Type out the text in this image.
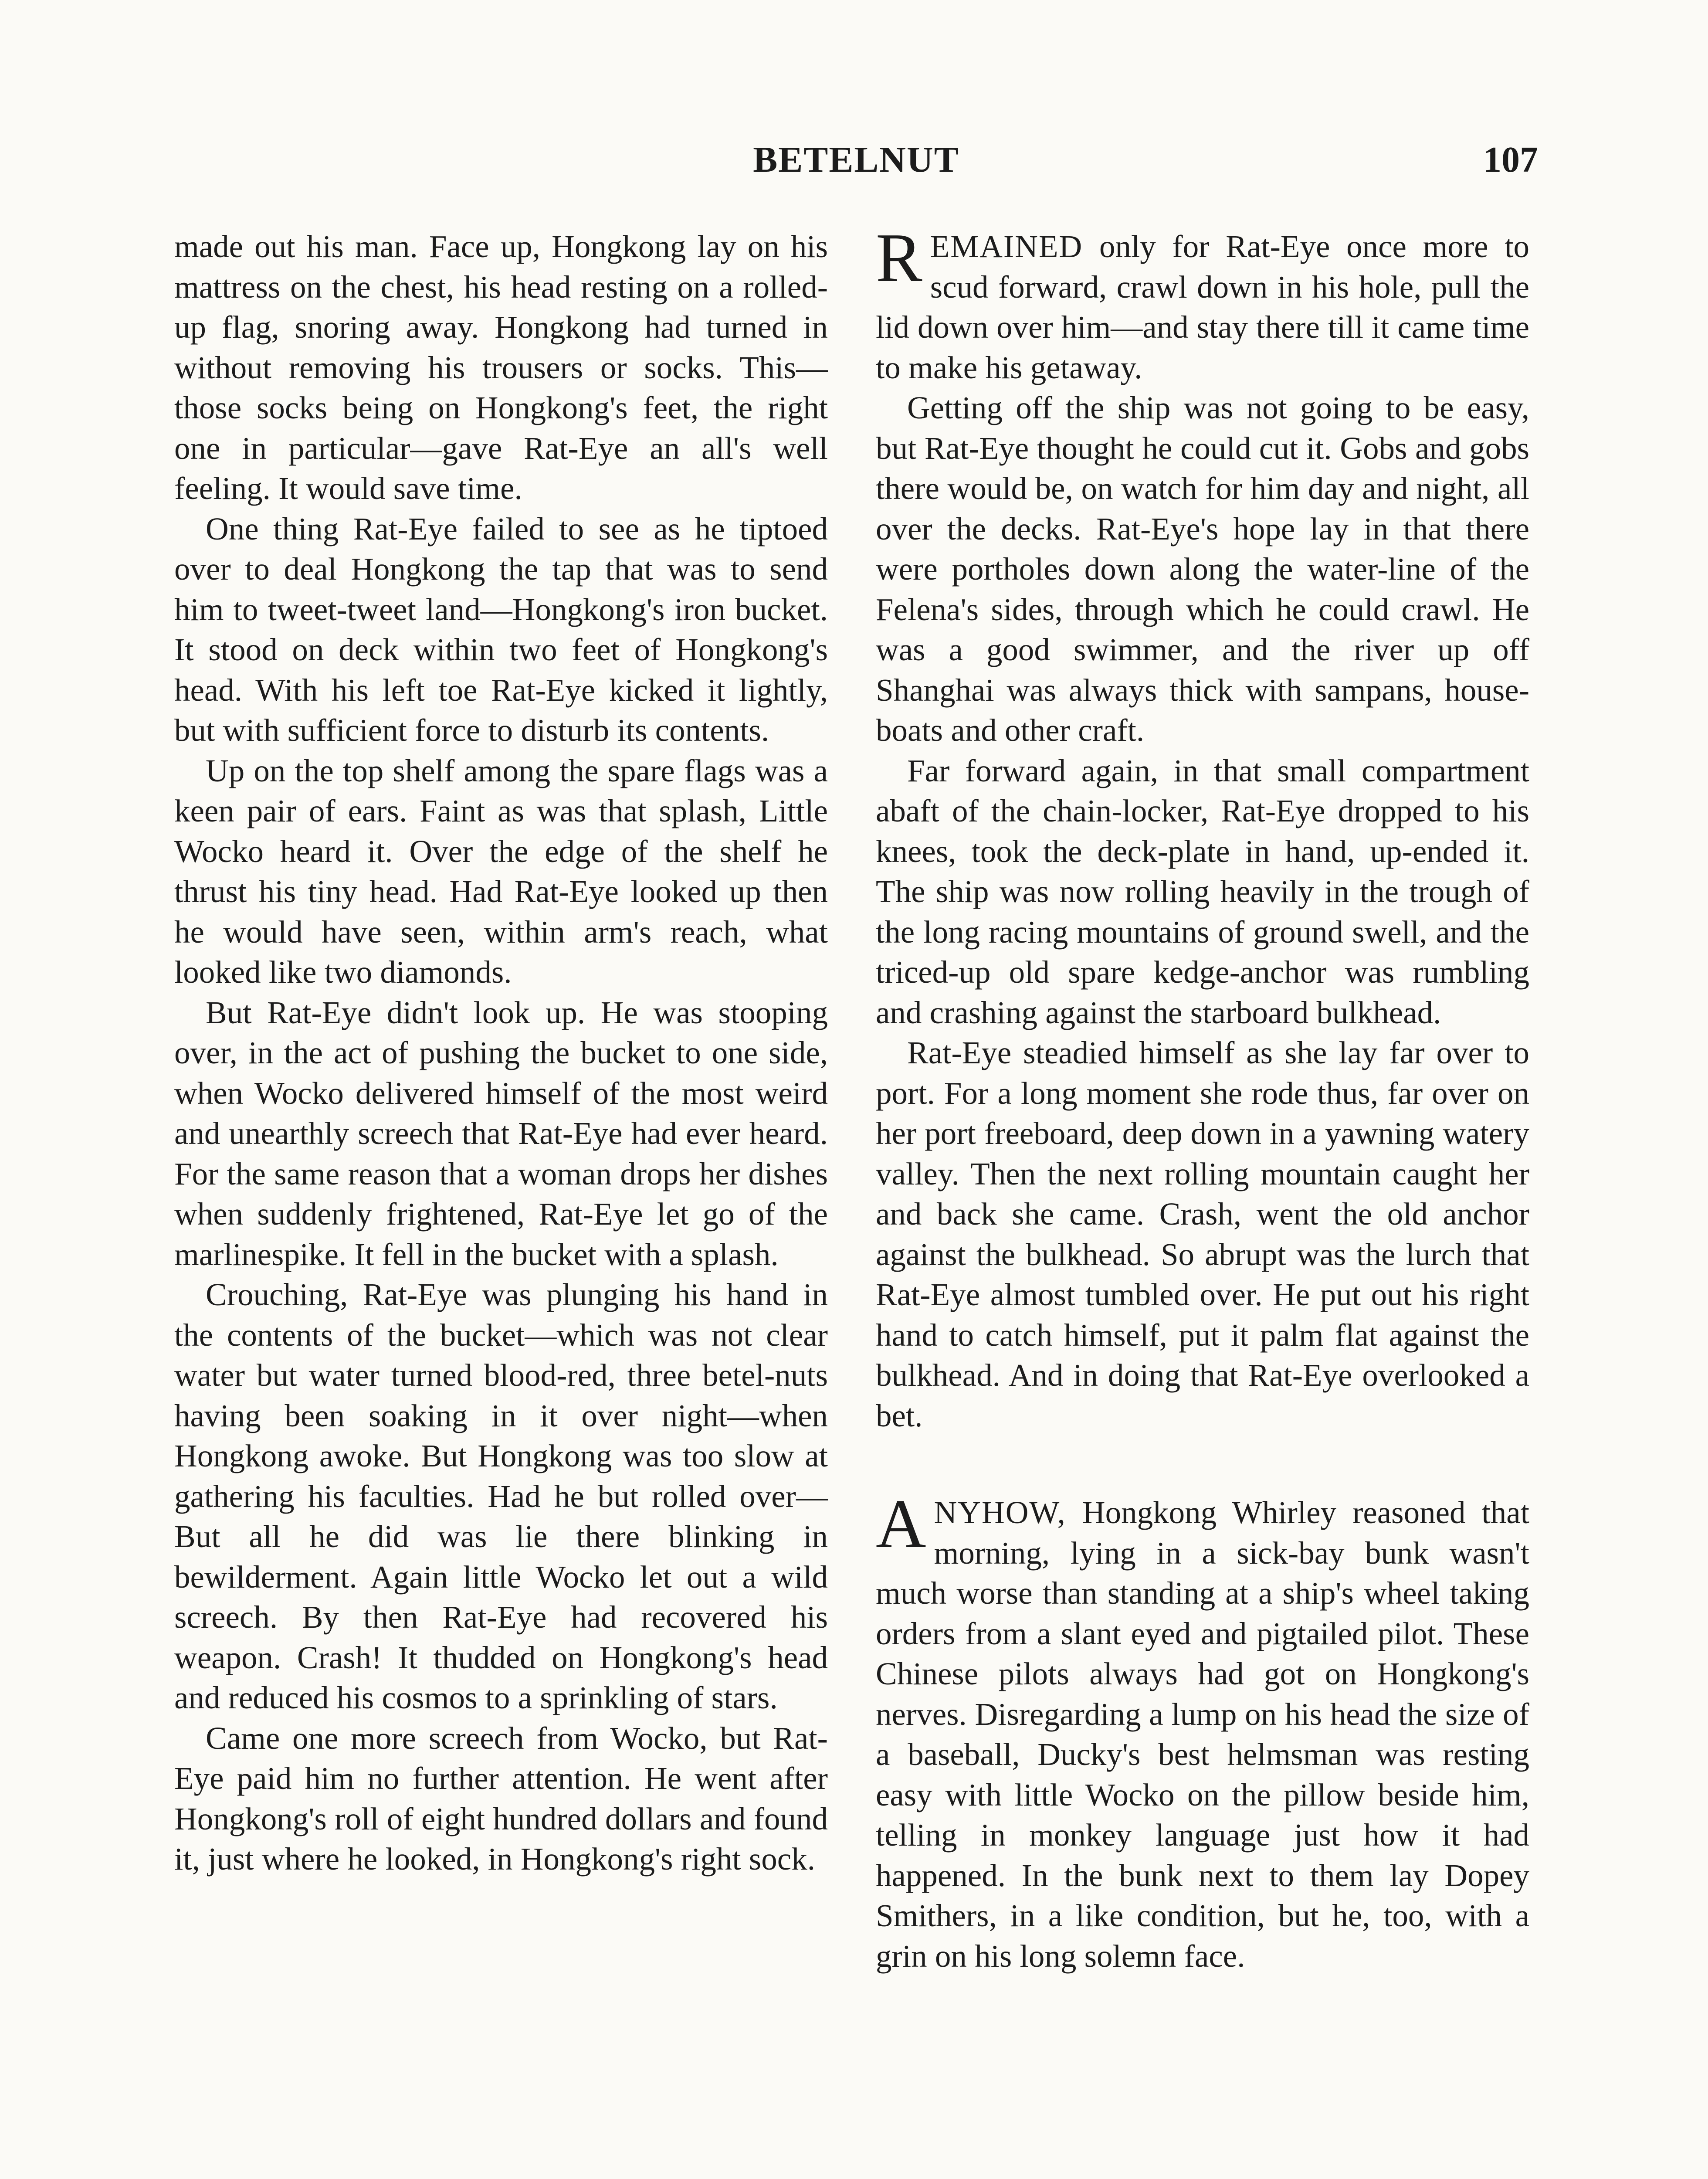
BETELNUT	107

made out his man. Face up, Hongkong lay on his mattress on the chest, his head resting on a rolled-up flag, snoring away. Hongkong had turned in without removing his trousers or socks. This—those socks being on Hongkong's feet, the right one in particular—gave Rat-Eye an all's well feeling. It would save time.

One thing Rat-Eye failed to see as he tiptoed over to deal Hongkong the tap that was to send him to tweet-tweet land—Hongkong's iron bucket. It stood on deck within two feet of Hongkong's head. With his left toe Rat-Eye kicked it lightly, but with sufficient force to disturb its contents.

Up on the top shelf among the spare flags was a keen pair of ears. Faint as was that splash, Little Wocko heard it. Over the edge of the shelf he thrust his tiny head. Had Rat-Eye looked up then he would have seen, within arm's reach, what looked like two diamonds.

But Rat-Eye didn't look up. He was stooping over, in the act of pushing the bucket to one side, when Wocko delivered himself of the most weird and unearthly screech that Rat-Eye had ever heard. For the same reason that a woman drops her dishes when suddenly frightened, Rat-Eye let go of the marlinespike. It fell in the bucket with a splash.

Crouching, Rat-Eye was plunging his hand in the contents of the bucket—which was not clear water but water turned blood-red, three betel-nuts having been soaking in it over night—when Hongkong awoke. But Hongkong was too slow at gathering his faculties. Had he but rolled over— But all he did was lie there blinking in bewilderment. Again little Wocko let out a wild screech. By then Rat-Eye had recovered his weapon. Crash! It thudded on Hongkong's head and reduced his cosmos to a sprinkling of stars.

Came one more screech from Wocko, but Rat-Eye paid him no further attention. He went after Hongkong's roll of eight hundred dollars and found it, just where he looked, in Hongkong's right sock.

REMAINED only for Rat-Eye once more to scud forward, crawl down in his hole, pull the lid down over him—and stay there till it came time to make his getaway.

Getting off the ship was not going to be easy, but Rat-Eye thought he could cut it. Gobs and gobs there would be, on watch for him day and night, all over the decks. Rat-Eye's hope lay in that there were portholes down along the water-line of the Felena's sides, through which he could crawl. He was a good swimmer, and the river up off Shanghai was always thick with sampans, house-boats and other craft.

Far forward again, in that small compartment abaft of the chain-locker, Rat-Eye dropped to his knees, took the deck-plate in hand, up-ended it. The ship was now rolling heavily in the trough of the long racing mountains of ground swell, and the triced-up old spare kedge-anchor was rumbling and crashing against the starboard bulkhead.

Rat-Eye steadied himself as she lay far over to port. For a long moment she rode thus, far over on her port freeboard, deep down in a yawning watery valley. Then the next rolling mountain caught her and back she came. Crash, went the old anchor against the bulkhead. So abrupt was the lurch that Rat-Eye almost tumbled over. He put out his right hand to catch himself, put it palm flat against the bulkhead. And in doing that Rat-Eye overlooked a bet.

ANYHOW, Hongkong Whirley reasoned that morning, lying in a sick-bay bunk wasn't much worse than standing at a ship's wheel taking orders from a slant eyed and pigtailed pilot. These Chinese pilots always had got on Hongkong's nerves. Disregarding a lump on his head the size of a baseball, Ducky's best helmsman was resting easy with little Wocko on the pillow beside him, telling in monkey language just how it had happened. In the bunk next to them lay Dopey Smithers, in a like condition, but he, too, with a grin on his long solemn face.
